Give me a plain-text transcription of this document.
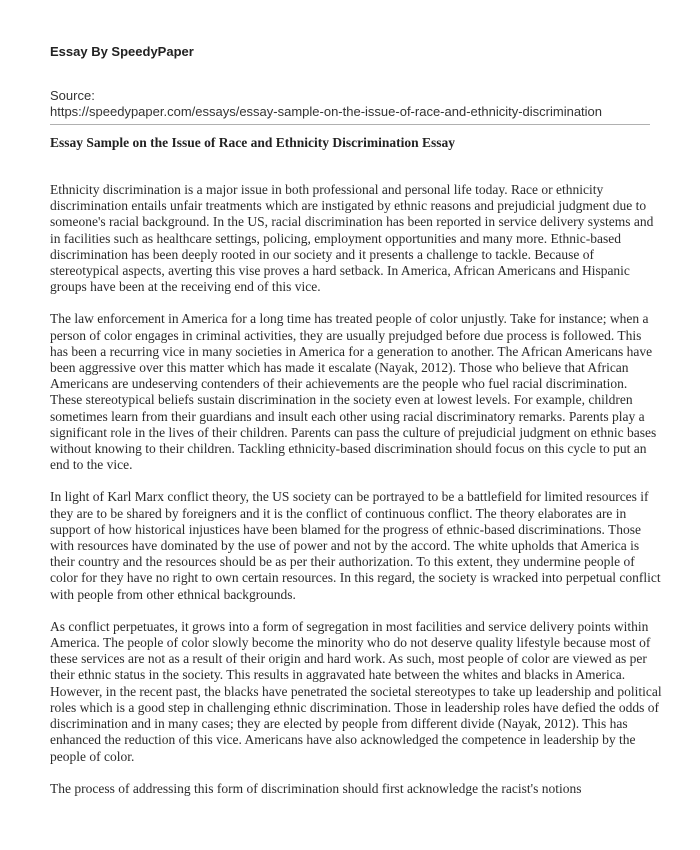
Essay By SpeedyPaper
Source:
https://speedypaper.com/essays/essay-sample-on-the-issue-of-race-and-ethnicity-discrimination
Essay Sample on the Issue of Race and Ethnicity Discrimination Essay

Ethnicity discrimination is a major issue in both professional and personal life today. Race or ethnicity discrimination entails unfair treatments which are instigated by ethnic reasons and prejudicial judgment due to someone's racial background. In the US, racial discrimination has been reported in service delivery systems and in facilities such as healthcare settings, policing, employment opportunities and many more. Ethnic-based discrimination has been deeply rooted in our society and it presents a challenge to tackle. Because of stereotypical aspects, averting this vise proves a hard setback. In America, African Americans and Hispanic groups have been at the receiving end of this vice.

The law enforcement in America for a long time has treated people of color unjustly. Take for instance; when a person of color engages in criminal activities, they are usually prejudged before due process is followed. This has been a recurring vice in many societies in America for a generation to another. The African Americans have been aggressive over this matter which has made it escalate (Nayak, 2012). Those who believe that African Americans are undeserving contenders of their achievements are the people who fuel racial discrimination. These stereotypical beliefs sustain discrimination in the society even at lowest levels. For example, children sometimes learn from their guardians and insult each other using racial discriminatory remarks. Parents play a significant role in the lives of their children. Parents can pass the culture of prejudicial judgment on ethnic bases without knowing to their children. Tackling ethnicity-based discrimination should focus on this cycle to put an end to the vice.

In light of Karl Marx conflict theory, the US society can be portrayed to be a battlefield for limited resources if they are to be shared by foreigners and it is the conflict of continuous conflict. The theory elaborates are in support of how historical injustices have been blamed for the progress of ethnic-based discriminations. Those with resources have dominated by the use of power and not by the accord. The white upholds that America is their country and the resources should be as per their authorization. To this extent, they undermine people of color for they have no right to own certain resources. In this regard, the society is wracked into perpetual conflict with people from other ethnical backgrounds.

As conflict perpetuates, it grows into a form of segregation in most facilities and service delivery points within America. The people of color slowly become the minority who do not deserve quality lifestyle because most of these services are not as a result of their origin and hard work. As such, most people of color are viewed as per their ethnic status in the society. This results in aggravated hate between the whites and blacks in America. However, in the recent past, the blacks have penetrated the societal stereotypes to take up leadership and political roles which is a good step in challenging ethnic discrimination. Those in leadership roles have defied the odds of discrimination and in many cases; they are elected by people from different divide (Nayak, 2012). This has enhanced the reduction of this vice. Americans have also acknowledged the competence in leadership by the people of color.

The process of addressing this form of discrimination should first acknowledge the racist's notions
